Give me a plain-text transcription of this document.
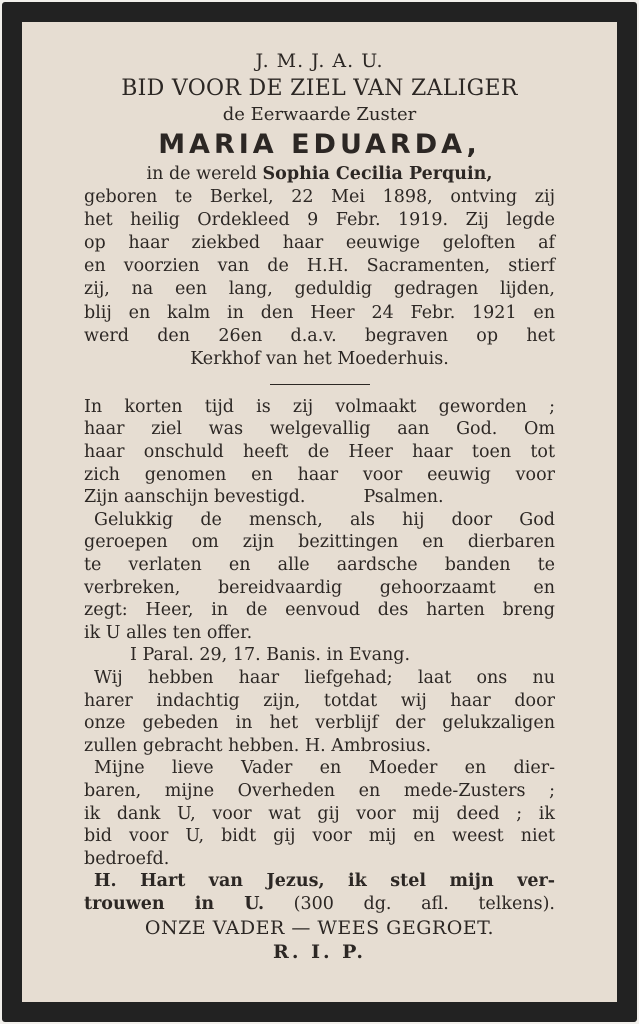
J. M. J. A. U.
BID VOOR DE ZIEL VAN ZALIGER
de Eerwaarde Zuster
MARIA EDUARDA,
in de wereld Sophia Cecilia Perquin,
geboren te Berkel, 22 Mei 1898, ontving zij
het heilig Ordekleed 9 Febr. 1919. Zij legde
op haar ziekbed haar eeuwige geloften af
en voorzien van de H.H. Sacramenten, stierf
zij, na een lang, geduldig gedragen lijden,
blij en kalm in den Heer 24 Febr. 1921 en
werd den 26en d.a.v. begraven op het
Kerkhof van het Moederhuis.
In korten tijd is zij volmaakt geworden ;
haar ziel was welgevallig aan God. Om
haar onschuld heeft de Heer haar toen tot
zich genomen en haar voor eeuwig voor
Zijn aanschijn bevestigd.	Psalmen.
Gelukkig de mensch, als hij door God
geroepen om zijn bezittingen en dierbaren
te verlaten en alle aardsche banden te
verbreken, bereidvaardig gehoorzaamt en
zegt: Heer, in de eenvoud des harten breng
ik U alles ten offer.
I Paral. 29, 17. Banis. in Evang.
Wij hebben haar liefgehad; laat ons nu
harer indachtig zijn, totdat wij haar door
onze gebeden in het verblijf der gelukzaligen
zullen gebracht hebben. H. Ambrosius.
Mijne lieve Vader en Moeder en dier-
baren, mijne Overheden en mede-Zusters ;
ik dank U, voor wat gij voor mij deed ; ik
bid voor U, bidt gij voor mij en weest niet
bedroefd.
H. Hart van Jezus, ik stel mijn ver-
trouwen in U. (300 dg. afl. telkens).
ONZE VADER — WEES GEGROET.
R. I. P.
